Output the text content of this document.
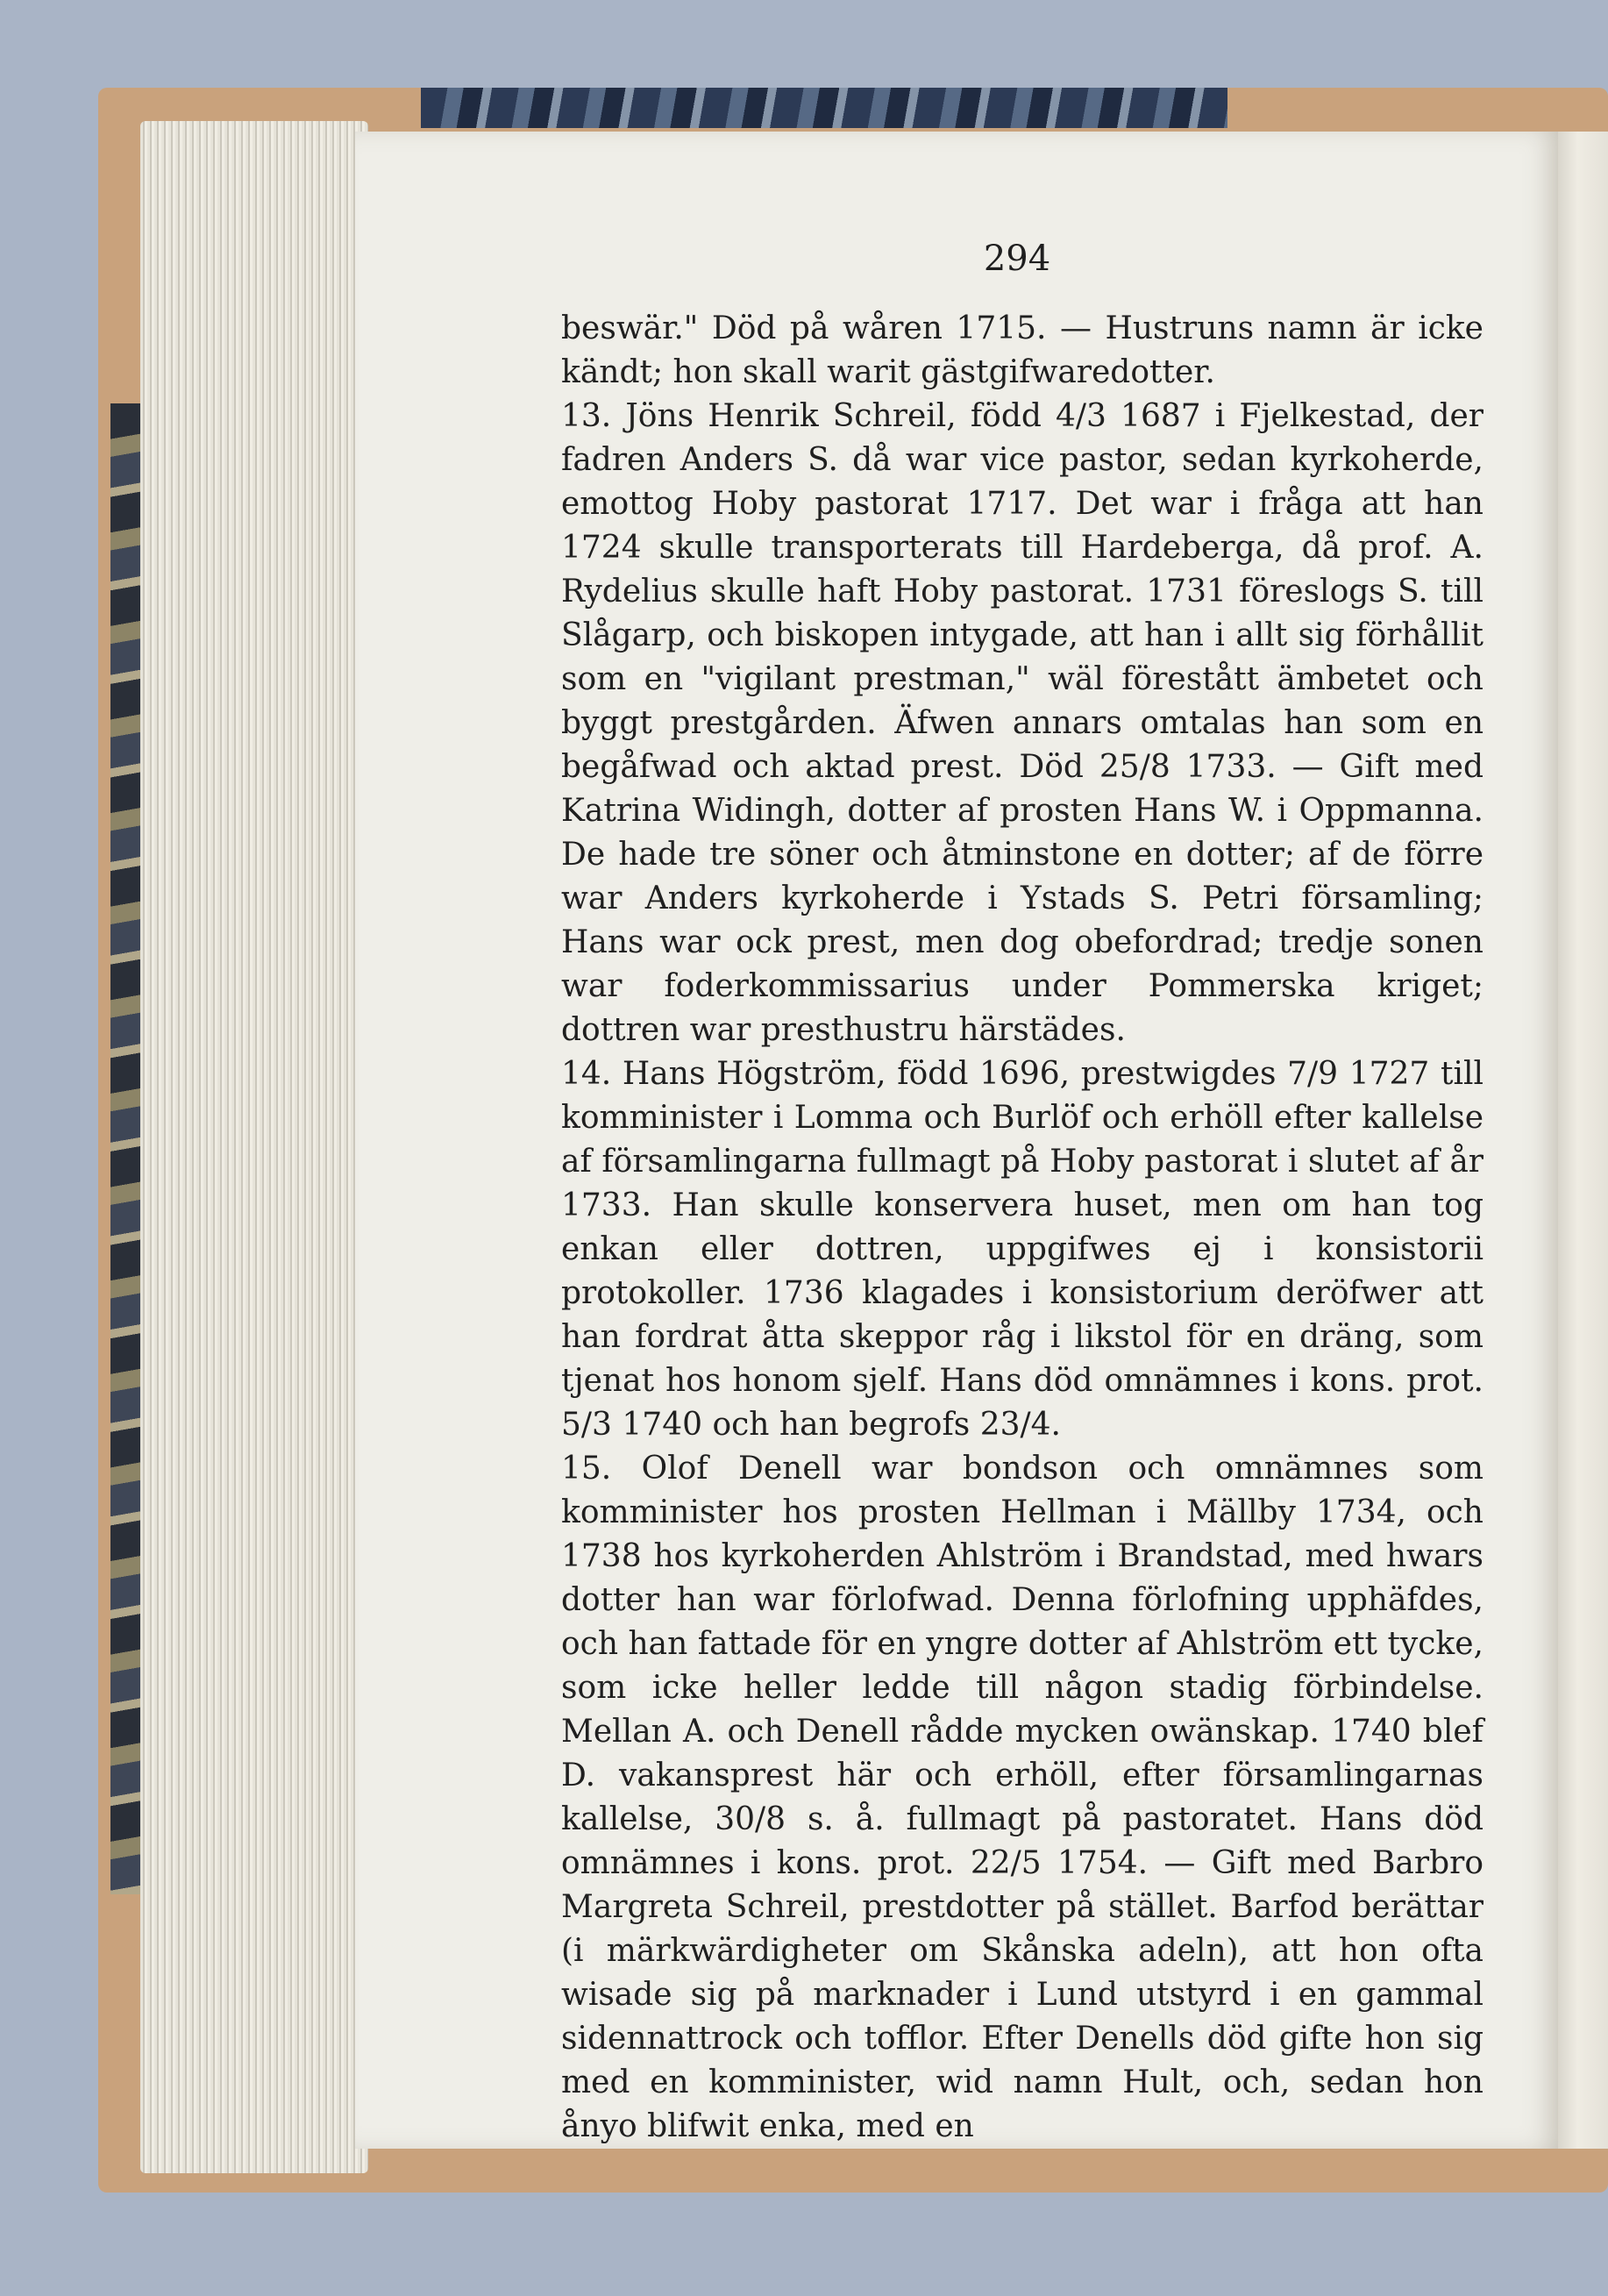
294

beswär." Död på wåren 1715. — Hustruns namn är icke kändt; hon skall warit gästgifwaredotter.

13. Jöns Henrik Schreil, född 4/3 1687 i Fjelkestad, der fadren Anders S. då war vice pastor, sedan kyrkoherde, emottog Hoby pastorat 1717. Det war i fråga att han 1724 skulle transporterats till Hardeberga, då prof. A. Rydelius skulle haft Hoby pastorat. 1731 föreslogs S. till Slågarp, och biskopen intygade, att han i allt sig förhållit som en "vigilant prestman," wäl förestått ämbetet och byggt prestgården. Äfwen annars omtalas han som en begåfwad och aktad prest. Död 25/8 1733. — Gift med Katrina Widingh, dotter af prosten Hans W. i Oppmanna. De hade tre söner och åtminstone en dotter; af de förre war Anders kyrkoherde i Ystads S. Petri församling; Hans war ock prest, men dog obefordrad; tredje sonen war foderkommissarius under Pommerska kriget; dottren war presthustru härstädes.

14. Hans Högström, född 1696, prestwigdes 7/9 1727 till komminister i Lomma och Burlöf och erhöll efter kallelse af församlingarna fullmagt på Hoby pastorat i slutet af år 1733. Han skulle konservera huset, men om han tog enkan eller dottren, uppgifwes ej i konsistorii protokoller. 1736 klagades i konsistorium deröfwer att han fordrat åtta skeppor råg i likstol för en dräng, som tjenat hos honom sjelf. Hans död omnämnes i kons. prot. 5/3 1740 och han begrofs 23/4.

15. Olof Denell war bondson och omnämnes som komminister hos prosten Hellman i Mällby 1734, och 1738 hos kyrkoherden Ahlström i Brandstad, med hwars dotter han war förlofwad. Denna förlofning upphäfdes, och han fattade för en yngre dotter af Ahlström ett tycke, som icke heller ledde till någon stadig förbindelse. Mellan A. och Denell rådde mycken owänskap. 1740 blef D. vakansprest här och erhöll, efter församlingarnas kallelse, 30/8 s. å. fullmagt på pastoratet. Hans död omnämnes i kons. prot. 22/5 1754. — Gift med Barbro Margreta Schreil, prestdotter på stället. Barfod berättar (i märkwärdigheter om Skånska adeln), att hon ofta wisade sig på marknader i Lund utstyrd i en gammal sidennattrock och tofflor. Efter Denells död gifte hon sig med en komminister, wid namn Hult, och, sedan hon ånyo blifwit enka, med en
